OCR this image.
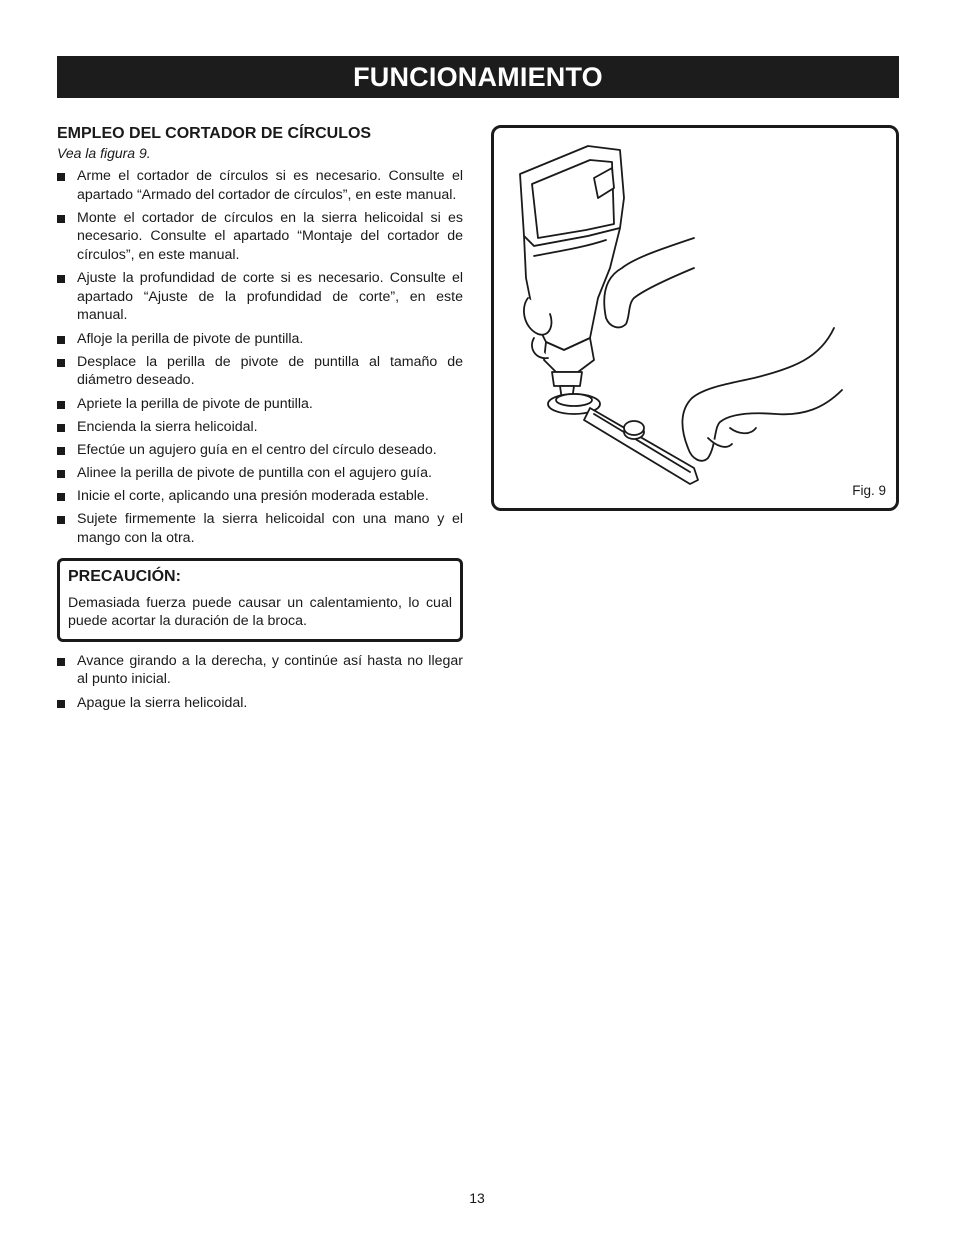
FUNCIONAMIENTO
EMPLEO DEL CORTADOR DE CÍRCULOS
Vea la figura 9.
Arme el cortador de círculos si es necesario. Consulte el apartado “Armado del cortador de círculos”, en este manual.
Monte el cortador de círculos en la sierra helicoidal si es necesario. Consulte el apartado “Montaje del cortador de círculos”, en este manual.
Ajuste la profundidad de corte si es necesario. Consulte el apartado “Ajuste de la profundidad de corte”, en este manual.
Afloje la perilla de pivote de puntilla.
Desplace la perilla de pivote de puntilla al tamaño de diámetro deseado.
Apriete la perilla de pivote de puntilla.
Encienda la sierra helicoidal.
Efectúe un agujero guía en el centro del círculo deseado.
Alinee la perilla de pivote de puntilla con el agujero guía.
Inicie el corte, aplicando una presión moderada estable.
Sujete firmemente la sierra helicoidal con una mano y el mango con la otra.
PRECAUCIÓN:

Demasiada fuerza puede causar un calentamiento, lo cual puede acortar la duración de la broca.

Avance girando a la derecha, y continúe así hasta no llegar al punto inicial.
Apague la sierra helicoidal.
Fig. 9
13
